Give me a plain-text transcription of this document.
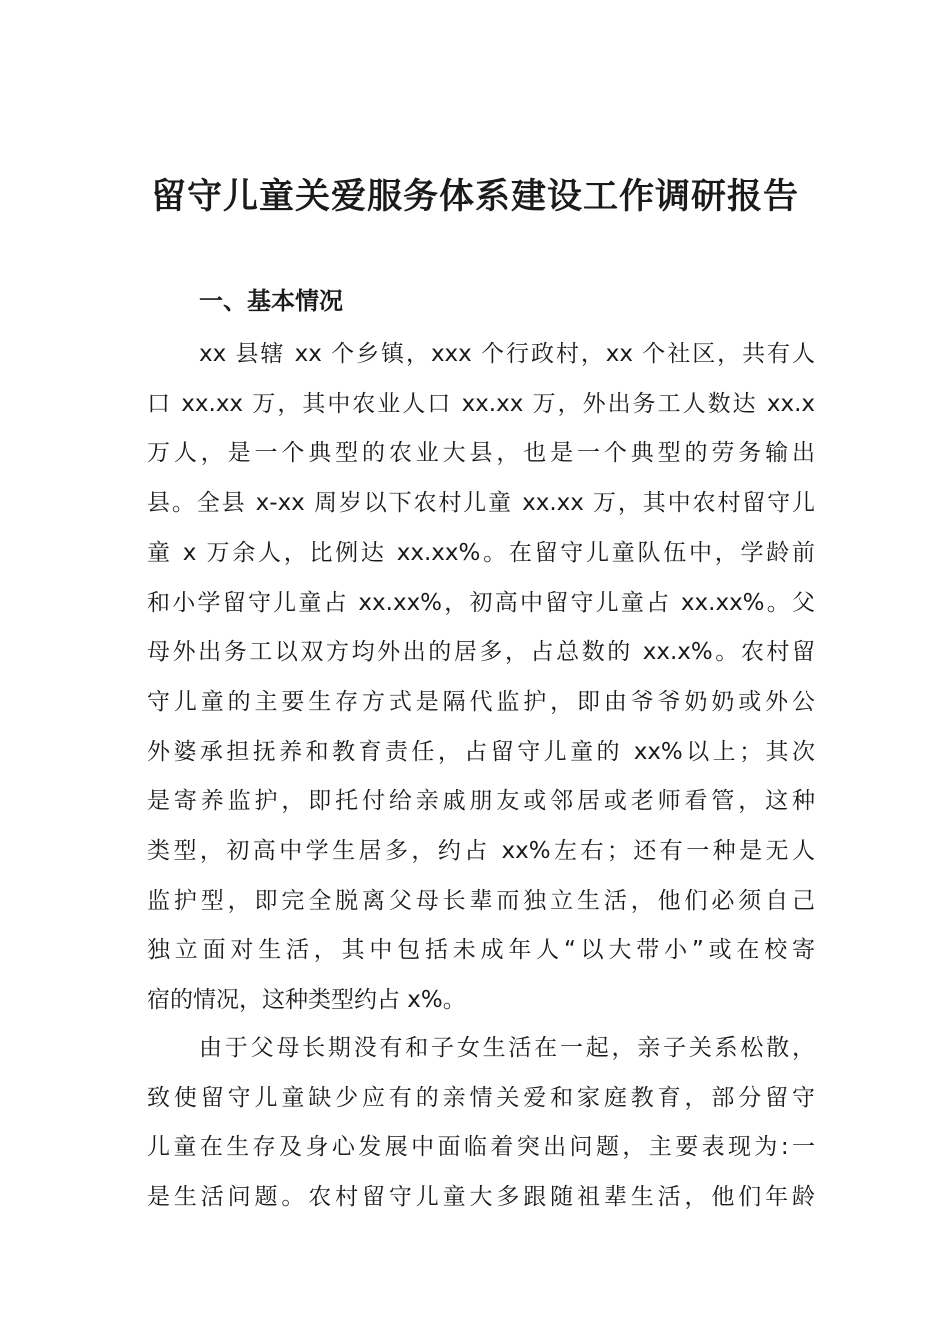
留守儿童关爱服务体系建设工作调研报告
一、基本情况
xx 县辖 xx 个乡镇，xxx 个行政村，xx 个社区，共有人
口 xx.xx 万，其中农业人口 xx.xx 万，外出务工人数达 xx.x
万人，是一个典型的农业大县，也是一个典型的劳务输出
县。全县 x-xx 周岁以下农村儿童 xx.xx 万，其中农村留守儿
童 x 万余人，比例达 xx.xx%。在留守儿童队伍中，学龄前
和小学留守儿童占 xx.xx%，初高中留守儿童占 xx.xx%。父
母外出务工以双方均外出的居多，占总数的 xx.x%。农村留
守儿童的主要生存方式是隔代监护，即由爷爷奶奶或外公
外婆承担抚养和教育责任，占留守儿童的 xx%以上；其次
是寄养监护，即托付给亲戚朋友或邻居或老师看管，这种
类型，初高中学生居多，约占 xx%左右；还有一种是无人
监护型，即完全脱离父母长辈而独立生活，他们必须自己
独立面对生活，其中包括未成年人“以大带小”或在校寄
宿的情况，这种类型约占 x%。
由于父母长期没有和子女生活在一起，亲子关系松散，
致使留守儿童缺少应有的亲情关爱和家庭教育，部分留守
儿童在生存及身心发展中面临着突出问题，主要表现为:一
是生活问题。农村留守儿童大多跟随祖辈生活，他们年龄
